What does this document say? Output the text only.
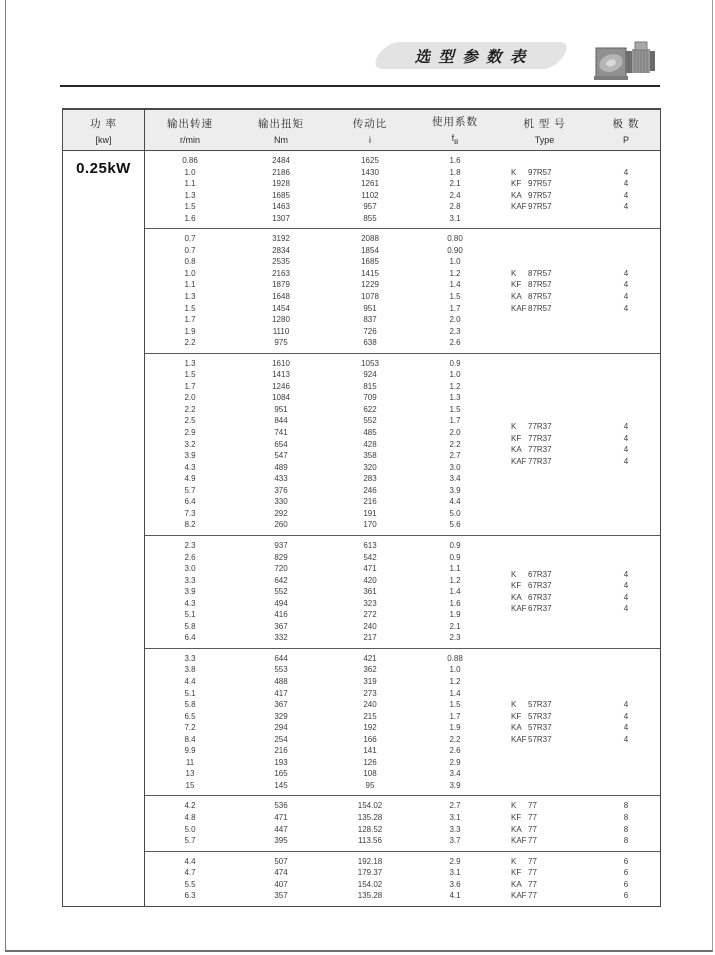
选 型 参 数 表
功 率
[kw]
输出转速
r/min
输出扭矩
Nm
传动比
i
使用系数
$f_B$
机 型 号
Type
极 数
P
0.25kW	0.86
1.0
1.1
1.3
1.5
1.6
2484
2186
1928
1685
1463
1307
1625
1430
1261
1102
957
855
1.6
1.8
2.1
2.4
2.8
3.1
K 97R57
KF 97R57
KA 97R57
KAF97R57
4
4
4
4
0.7
0.7
0.8
1.0
1.1
1.3
1.5
1.7
1.9
2.2
3192
2834
2535
2163
1879
1648
1454
1280
1110
975
2088
1854
1685
1415
1229
1078
951
837
726
638
0.80
0.90
1.0
1.2
1.4
1.5
1.7
2.0
2.3
2.6
K 87R57
KF 87R57
KA 87R57
KAF87R57
4
4
4
4
1.3
1.5
1.7
2.0
2.2
2.5
2.9
3.2
3.9
4.3
4.9
5.7
6.4
7.3
8.2
1610
1413
1246
1084
951
844
741
654
547
489
433
376
330
292
260
1053
924
815
709
622
552
485
428
358
320
283
246
216
191
170
0.9
1.0
1.2
1.3
1.5
1.7
2.0
2.2
2.7
3.0
3.4
3.9
4.4
5.0
5.6
K 77R37
KF 77R37
KA 77R37
KAF77R37
4
4
4
4
2.3
2.6
3.0
3.3
3.9
4.3
5.1
5.8
6.4
937
829
720
642
552
494
416
367
332
613
542
471
420
361
323
272
240
217
0.9
0.9
1.1
1.2
1.4
1.6
1.9
2.1
2.3
K 67R37
KF 67R37
KA 67R37
KAF67R37
4
4
4
4
3.3
3.8
4.4
5.1
5.8
6.5
7.2
8.4
9.9
11
13
15
644
553
488
417
367
329
294
254
216
193
165
145
421
362
319
273
240
215
192
166
141
126
108
95
0.88
1.0
1.2
1.4
1.5
1.7
1.9
2.2
2.6
2.9
3.4
3.9
K 57R37
KF 57R37
KA 57R37
KAF57R37
4
4
4
4
4.2
4.8
5.0
5.7
536
471
447
395
154.02
135.28
128.52
113.56
2.7
3.1
3.3
3.7
K 77
KF 77
KA 77
KAF77
8
8
8
8
4.4
4.7
5.5
6.3
507
474
407
357
192.18
179.37
154.02
135.28
2.9
3.1
3.6
4.1
K 77
KF 77
KA 77
KAF77
6
6
6
6
